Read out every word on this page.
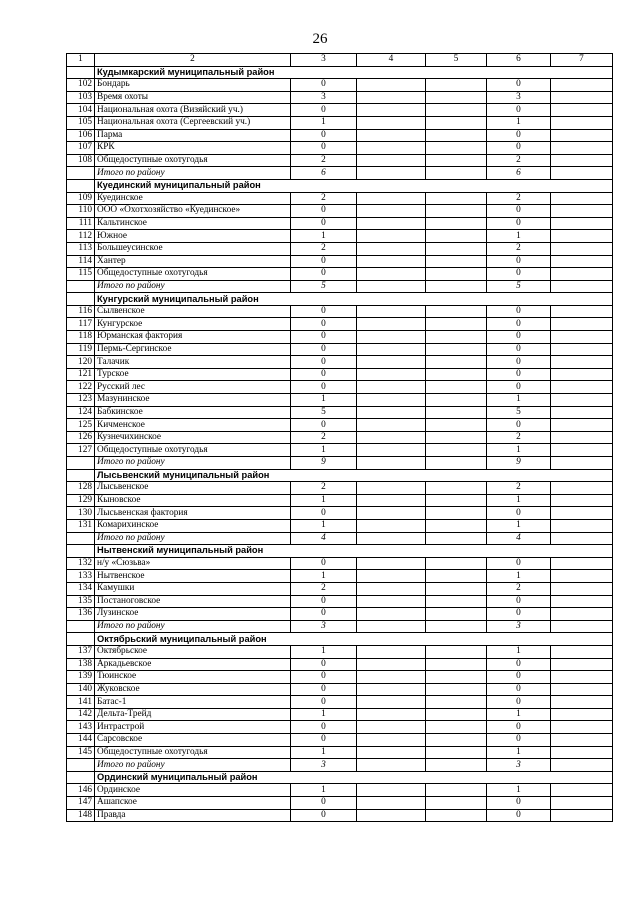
26
1	2	3	4	5	6	7
	Кудымкарский муниципальный район					
102	Бондарь	0			0	
103	Время охоты	3			3	
104	Национальная охота (Визяйский уч.)	0			0	
105	Национальная охота (Сергеевский уч.)	1			1	
106	Парма	0			0	
107	КРК	0			0	
108	Общедоступные охотугодья	2			2	
	Итого по району	6			6	
	Куединский муниципальный район					
109	Куединское	2			2	
110	ООО «Охотхозяйство «Куединское»	0			0	
111	Кальтинское	0			0	
112	Южное	1			1	
113	Большеусинское	2			2	
114	Хантер	0			0	
115	Общедоступные охотугодья	0			0	
	Итого по району	5			5	
	Кунгурский муниципальный район					
116	Сылвенское	0			0	
117	Кунгурское	0			0	
118	Юрманская фактория	0			0	
119	Пермь-Сергинское	0			0	
120	Талачик	0			0	
121	Турское	0			0	
122	Русский лес	0			0	
123	Мазунинское	1			1	
124	Бабкинское	5			5	
125	Кичменское	0			0	
126	Кузнечихинское	2			2	
127	Общедоступные охотугодья	1			1	
	Итого по району	9			9	
	Лысьвенский муниципальный район					
128	Лысьвенское	2			2	
129	Кыновское	1			1	
130	Лысьвенская фактория	0			0	
131	Комарихинское	1			1	
	Итого по району	4			4	
	Нытвенский муниципальный район					
132	н/у «Сюзьва»	0			0	
133	Нытвенское	1			1	
134	Камушки	2			2	
135	Постаноговское	0			0	
136	Лузинское	0			0	
	Итого по району	3			3	
	Октябрьский муниципальный район					
137	Октябрьское	1			1	
138	Аркадьевское	0			0	
139	Тюинское	0			0	
140	Жуковское	0			0	
141	Батас-1	0			0	
142	Дельта-Трейд	1			1	
143	Интрастрой	0			0	
144	Сарсовское	0			0	
145	Общедоступные охотугодья	1			1	
	Итого по району	3			3	
	Ординский муниципальный район					
146	Ординское	1			1	
147	Ашапское	0			0	
148	Правда	0			0	
